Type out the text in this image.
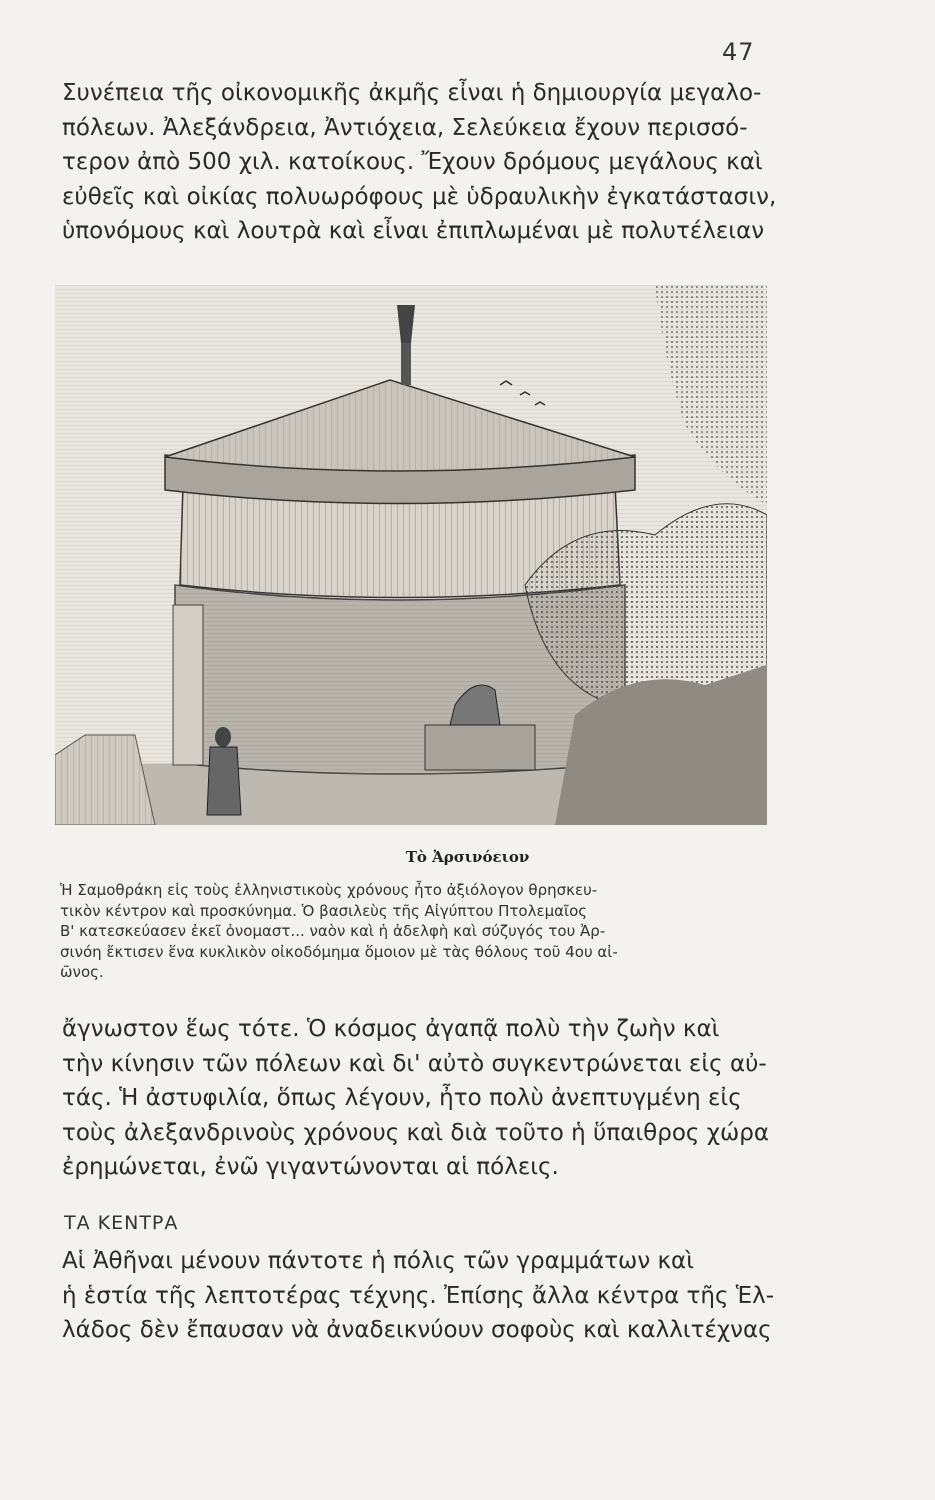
47
Συνέπεια τῆς οἰκονομικῆς ἀκμῆς εἶναι ἡ δημιουργία μεγαλο-
πόλεων. Ἀλεξάνδρεια, Ἀντιόχεια, Σελεύκεια ἔχουν περισσό-
τερον ἀπὸ 500 χιλ. κατοίκους. Ἔχουν δρόμους μεγάλους καὶ
εὐθεῖς καὶ οἰκίας πολυωρόφους μὲ ὑδραυλικὴν ἐγκατάστασιν,
ὑπονόμους καὶ λουτρὰ καὶ εἶναι ἐπιπλωμέναι μὲ πολυτέλειαν
Τὸ Ἀρσινόειον
Ἡ Σαμοθράκη εἰς τοὺς ἑλληνιστικοὺς χρόνους ἦτο ἀξιόλογον θρησκευ-
τικὸν κέντρον καὶ προσκύνημα. Ὁ βασιλεὺς τῆς Αἰγύπτου Πτολεμαῖος
Β' κατεσκεύασεν ἐκεῖ ὀνομαστ... ναὸν καὶ ἡ ἀδελφὴ καὶ σύζυγός του Ἀρ-
σινόη ἔκτισεν ἕνα κυκλικὸν οἰκοδόμημα ὅμοιον μὲ τὰς θόλους τοῦ 4ου αἰ-
ῶνος.
ἄγνωστον ἕως τότε. Ὁ κόσμος ἀγαπᾷ πολὺ τὴν ζωὴν καὶ
τὴν κίνησιν τῶν πόλεων καὶ δι' αὐτὸ συγκεντρώνεται εἰς αὐ-
τάς. Ἡ ἀστυφιλία, ὅπως λέγουν, ἦτο πολὺ ἀνεπτυγμένη εἰς
τοὺς ἀλεξανδρινοὺς χρόνους καὶ διὰ τοῦτο ἡ ὕπαιθρος χώρα
ἐρημώνεται, ἐνῶ γιγαντώνονται αἱ πόλεις.
ΤΑ ΚΕΝΤΡΑ
Αἱ Ἀθῆναι μένουν πάντοτε ἡ πόλις τῶν γραμμάτων καὶ
ἡ ἑστία τῆς λεπτοτέρας τέχνης. Ἐπίσης ἄλλα κέντρα τῆς Ἑλ-
λάδος δὲν ἔπαυσαν νὰ ἀναδεικνύουν σοφοὺς καὶ καλλιτέχνας
